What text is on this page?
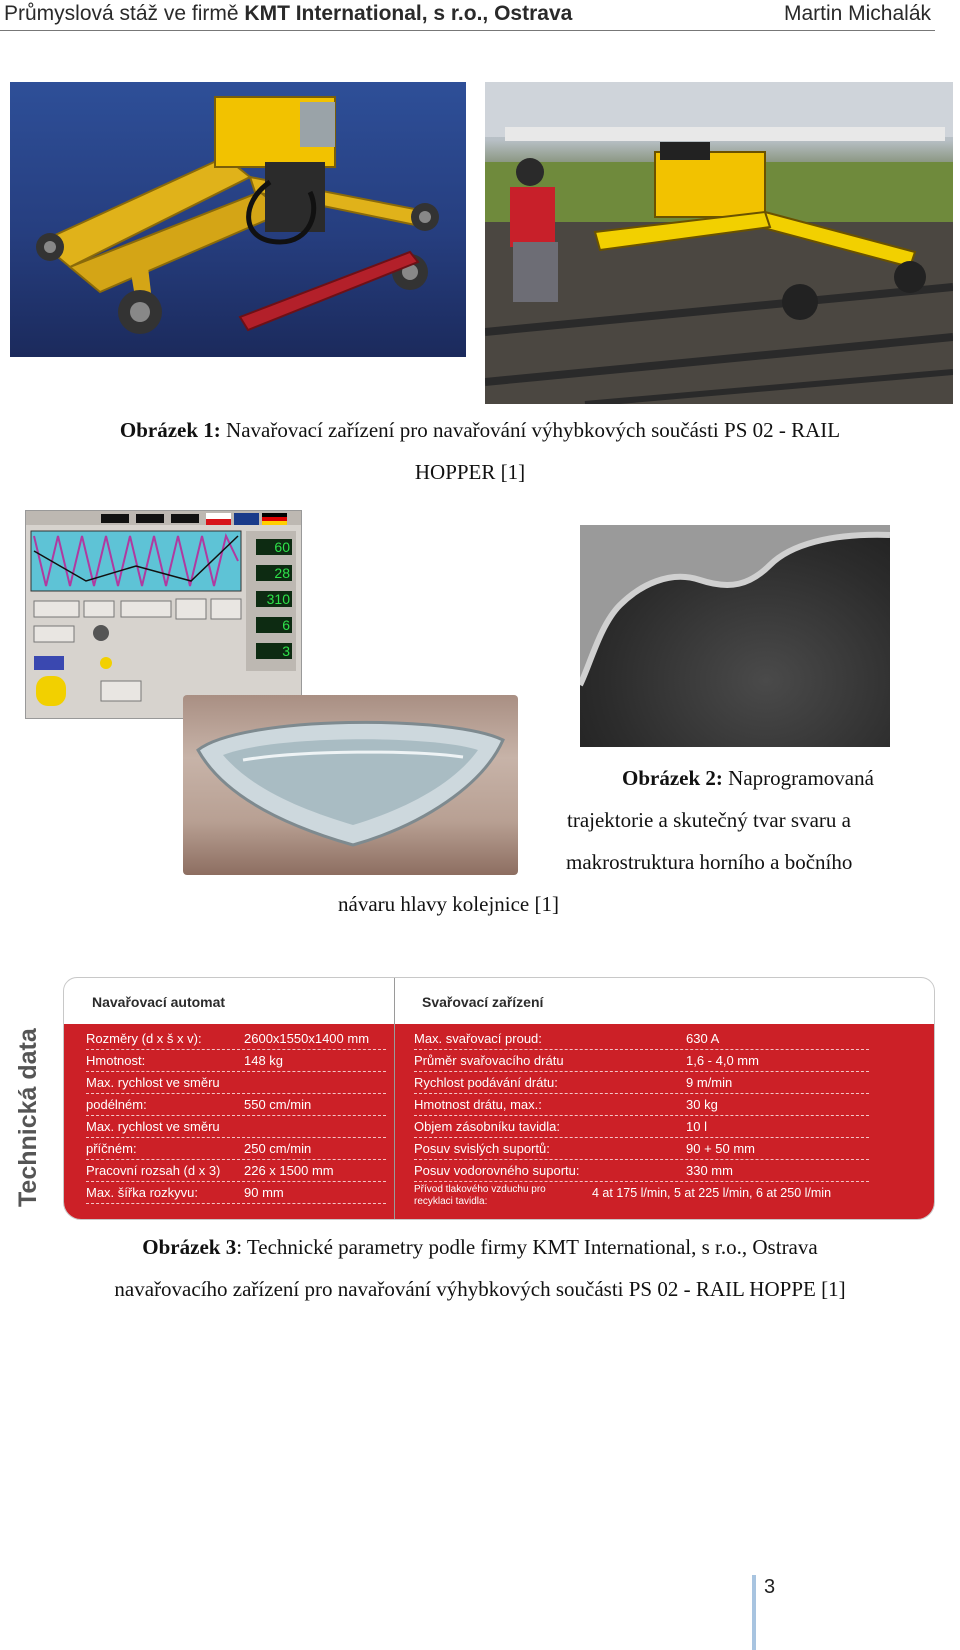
Průmyslová stáž ve firmě KMT International, s r.o., Ostrava	Martin Michalák
Obrázek 1: Navařovací zařízení pro navařování výhybkových součásti PS 02 - RAIL
HOPPER [1]
60
28
310
6
3
Obrázek 2: Naprogramovaná
trajektorie a skutečný tvar svaru a
makrostruktura horního a bočního
návaru hlavy kolejnice [1]
Technická data
Navařovací automat	Svařovací zařízení
Rozměry (d x š x v):	2600x1550x1400 mm
Hmotnost:	148 kg
Max. rychlost ve směru
podélném:	550 cm/min
Max. rychlost ve směru
příčném:	250 cm/min
Pracovní rozsah (d x 3) 226 x 1500 mm
Max. šířka rozkyvu:	90 mm
Max. svařovací proud:	630 A
Průměr svařovacího drátu	1,6 - 4,0 mm
Rychlost podávání drátu:	9 m/min
Hmotnost drátu, max.:	30 kg
Objem zásobníku tavidla:	10 l
Posuv svislých suportů:	90 + 50 mm
Posuv vodorovného suportu:	330 mm
Přívod tlakového vzduchu pro
recyklaci tavidla:
4 at 175 l/min, 5 at 225 l/min, 6 at 250 l/min
Obrázek 3: Technické parametry podle firmy KMT International, s r.o., Ostrava
navařovacího zařízení pro navařování výhybkových součásti PS 02 - RAIL HOPPE [1]
3
